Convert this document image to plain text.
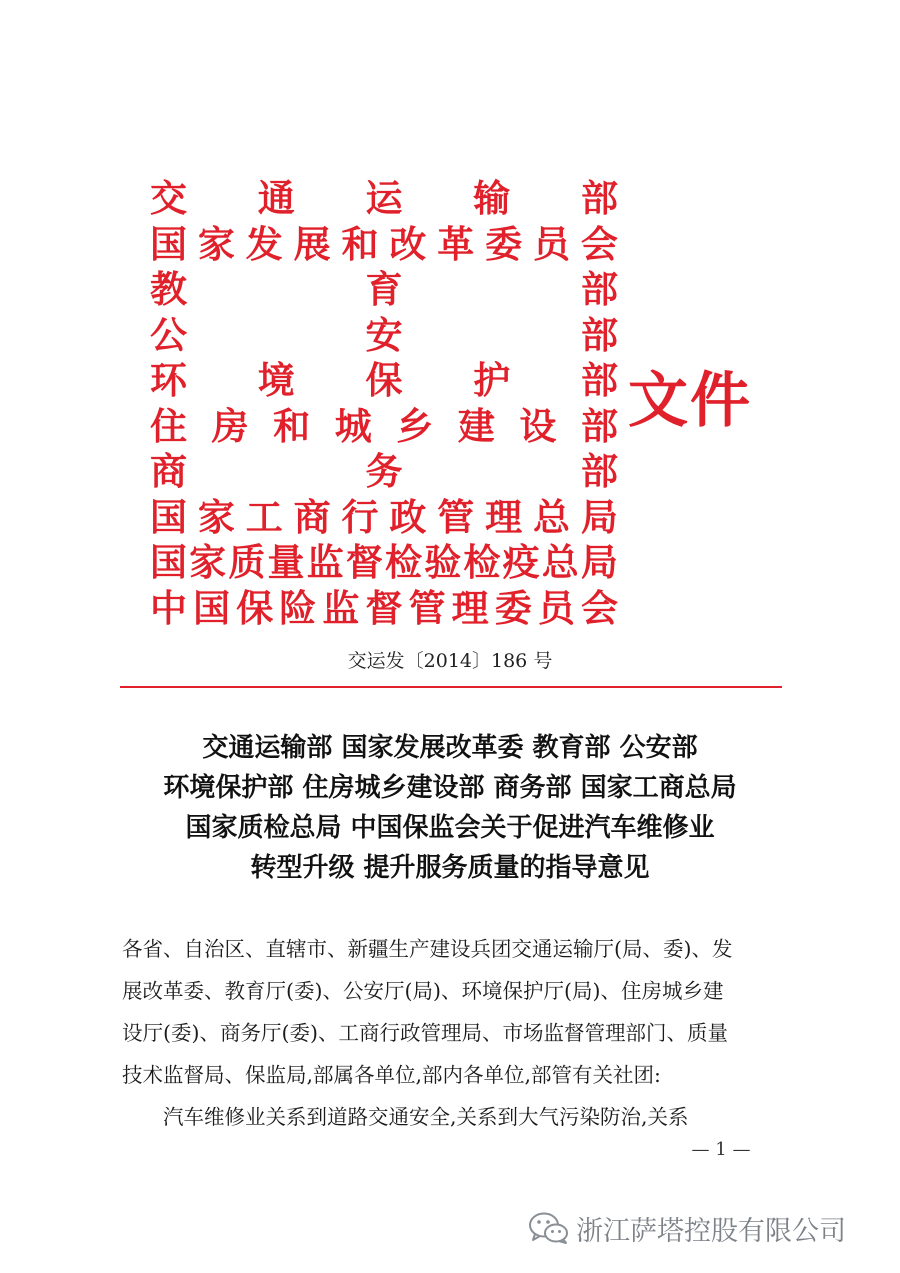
交 通 运 输 部
国 家 发 展 和 改 革 委 员 会
教	育	部
公	安	部
环 境 保 护 部
住 房 和 城 乡 建 设 部
商	务	部
国 家 工 商 行 政 管 理 总 局
国 家 质 量 监 督 检 验 检 疫 总 局
中 国 保 险 监 督 管 理 委 员 会
文件
交运发〔2014〕186 号
交通运输部 国家发展改革委 教育部 公安部
环境保护部 住房城乡建设部 商务部 国家工商总局
国家质检总局 中国保监会关于促进汽车维修业
转型升级 提升服务质量的指导意见
各省、自治区、直辖市、新疆生产建设兵团交通运输厅(局、委)、发
展改革委、教育厅(委)、公安厅(局)、环境保护厅(局)、住房城乡建
设厅(委)、商务厅(委)、工商行政管理局、市场监督管理部门、质量
技术监督局、保监局,部属各单位,部内各单位,部管有关社团:
汽车维修业关系到道路交通安全,关系到大气污染防治,关系
— 1 —
浙江萨塔控股有限公司
